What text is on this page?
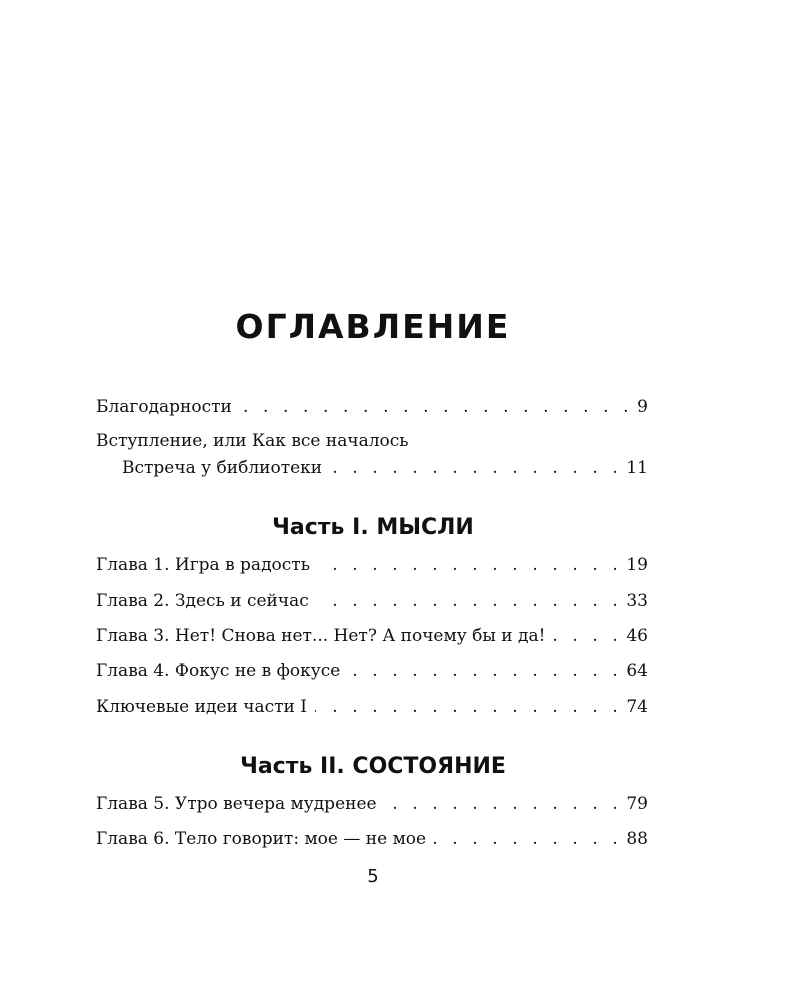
ОГЛАВЛЕНИЕ
Благодарности . . .	9
Вступление, или Как все началось
Встреча у библиотеки . . .	11
Часть I. МЫСЛИ
Глава 1. Игра в радость . . .	19
Глава 2. Здесь и сейчас . . .	33
Глава 3. Нет! Снова нет... Нет? А почему бы и да! . . .	46
Глава 4. Фокус не в фокусе . . .	64
Ключевые идеи части I . . .	74
Часть II. СОСТОЯНИЕ
Глава 5. Утро вечера мудренее . . .	79
Глава 6. Тело говорит: мое — не мое . . .	88
5
